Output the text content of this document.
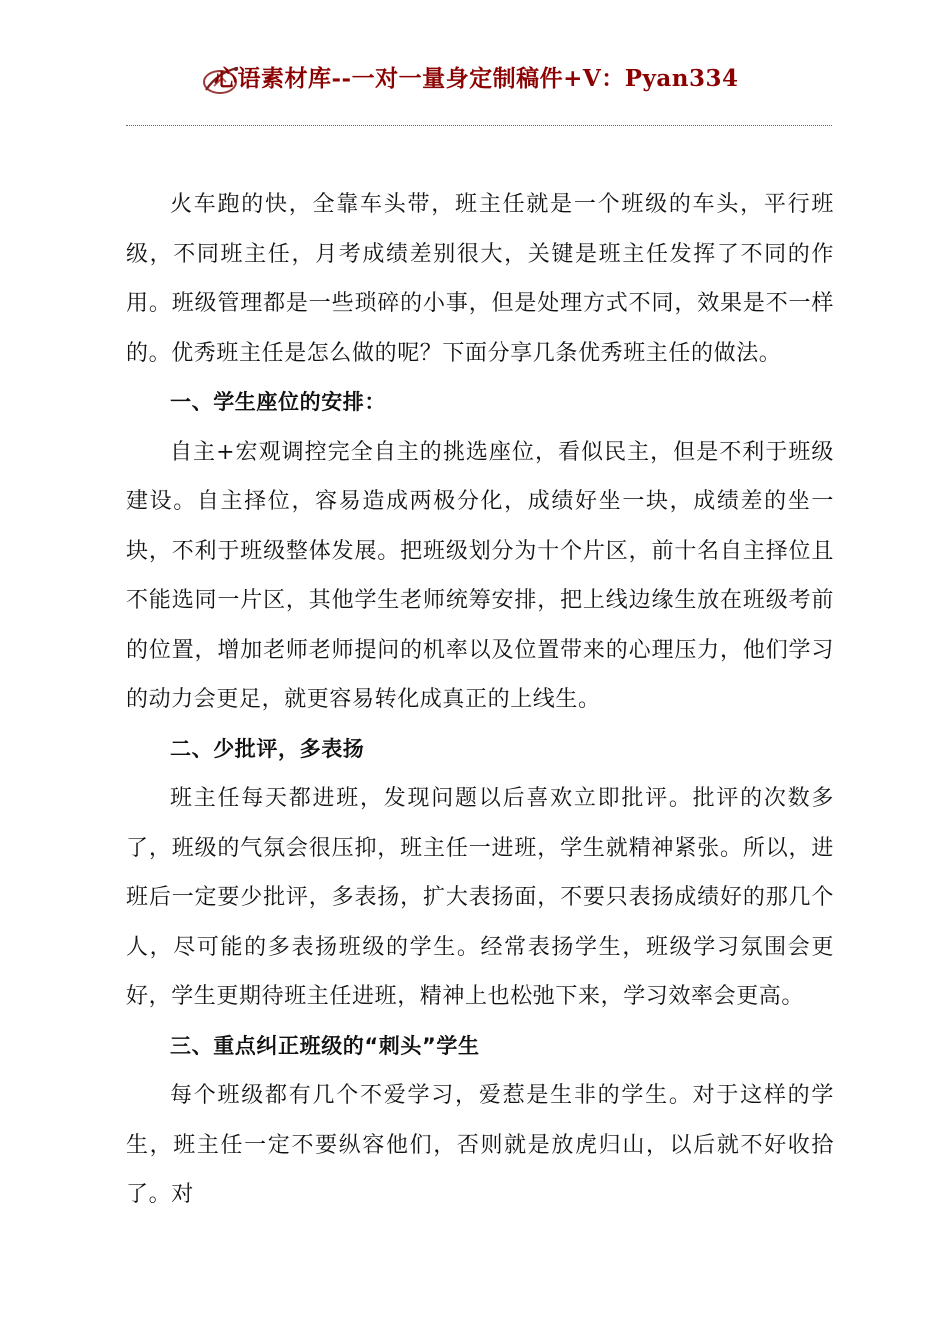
心语素材库--一对一量身定制稿件+V：Pyan334

火车跑的快，全靠车头带，班主任就是一个班级的车头，平行班级，不同班主任，月考成绩差别很大，关键是班主任发挥了不同的作用。班级管理都是一些琐碎的小事，但是处理方式不同，效果是不一样的。优秀班主任是怎么做的呢？下面分享几条优秀班主任的做法。

一、学生座位的安排：

自主+宏观调控完全自主的挑选座位，看似民主，但是不利于班级建设。自主择位，容易造成两极分化，成绩好坐一块，成绩差的坐一块，不利于班级整体发展。把班级划分为十个片区，前十名自主择位且不能选同一片区，其他学生老师统筹安排，把上线边缘生放在班级考前的位置，增加老师老师提问的机率以及位置带来的心理压力，他们学习的动力会更足，就更容易转化成真正的上线生。

二、少批评，多表扬

班主任每天都进班，发现问题以后喜欢立即批评。批评的次数多了，班级的气氛会很压抑，班主任一进班，学生就精神紧张。所以，进班后一定要少批评，多表扬，扩大表扬面，不要只表扬成绩好的那几个人，尽可能的多表扬班级的学生。经常表扬学生，班级学习氛围会更好，学生更期待班主任进班，精神上也松弛下来，学习效率会更高。

三、重点纠正班级的“刺头”学生

每个班级都有几个不爱学习，爱惹是生非的学生。对于这样的学生，班主任一定不要纵容他们，否则就是放虎归山，以后就不好收拾了。对
